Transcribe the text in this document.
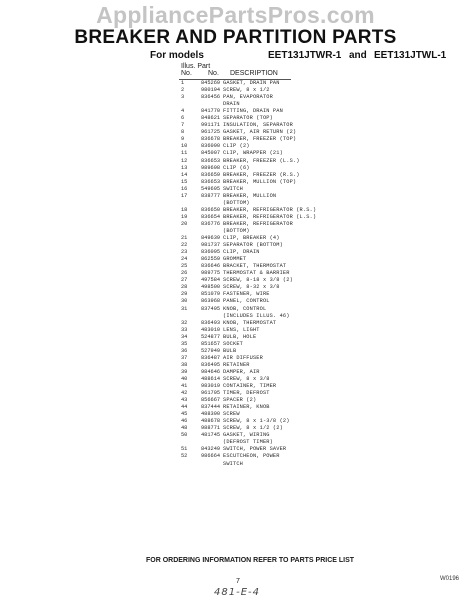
AppliancePartsPros.com
BREAKER AND PARTITION PARTS
For models	EET131JTWR-1 and EET131JTWL-1
Illus. Part
No. No. DESCRIPTION
1	845269 GASKET, DRAIN PAN
2	980194 SCREW, 8 x 1/2
3	836456 PAN, EVAPORATOR
DRAIN
4	841770 FITTING, DRAIN PAN
6	848621 SEPARATOR (TOP)
7	991171 INSULATION, SEPARATOR
8	961725 GASKET, AIR RETURN (2)
9	836678 BREAKER, FREEZER (TOP)
10	836090 CLIP (2)
11	845007 CLIP, WRAPPER (21)
12	836653 BREAKER, FREEZER (L.S.)
13	989698 CLIP (6)
14	836659 BREAKER, FREEZER (R.S.)
15	836653 BREAKER, MULLION (TOP)
16	549695 SWITCH
17	838777 BREAKER, MULLION
(BOTTOM)
18	836650 BREAKER, REFRIGERATOR (R.S.)
19	836654 BREAKER, REFRIGERATOR (L.S.)
20	836776 BREAKER, REFRIGERATOR
(BOTTOM)
21	849639 CLIP, BREAKER (4)
22	981737 SEPARATOR (BOTTOM)
23	836095 CLIP, DRAIN
24	862559 GROMMET
25	836646 BRACKET, THERMOSTAT
26	989775 THERMOSTAT & BARRIER
27	497584 SCREW, 8-18 x 3/8 (2)
28	498500 SCREW, 8-32 x 3/8
29	851079 FASTENER, WIRE
30	863968 PANEL, CONTROL
31	837495 KNOB, CONTROL
(INCLUDES ILLUS. 46)
32	836493 KNOB, THERMOSTAT
33	483010 LENS, LIGHT
34	524877 BULB, HOLE
35	851657 SOCKET
36	527949 BULB
37	836487 AIR DIFFUSER
38	836495 RETAINER
39	984646 DAMPER, AIR
40	488614 SCREW, 8 x 3/8
41	983019 CONTAINER, TIMER
42	961795 TIMER, DEFROST
43	856667 SPACER (2)
44	837444 RETAINER, KNOB
45	488390 SCREW
46	488678 SCREW, 8 x 1-3/8 (2)
48	988771 SCREW, 8 x 1/2 (2)
50	481745 GASKET, WIRING
(DEFROST TIMER)
51	843249 SWITCH, POWER SAVER
52	986664 ESCUTCHEON, POWER
SWITCH
FOR ORDERING INFORMATION REFER TO PARTS PRICE LIST
7	W0196
481-E-4
